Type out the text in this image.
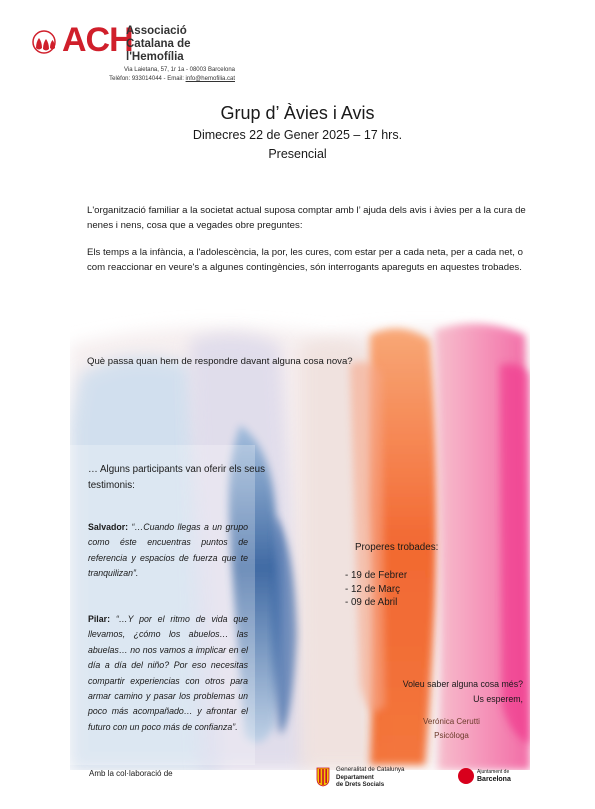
ACH
Associació
Catalana de
l'Hemofília
Via Laietana, 57, 1r 1a - 08003 Barcelona
Telèfon: 933014044 - Email: info@hemofilia.cat
Grup d’ Àvies i Avis
Dimecres 22 de Gener 2025 – 17 hrs.
Presencial
L'organització familiar a la societat actual suposa comptar amb l’ ajuda dels avis i àvies per a la cura de nenes i nens, cosa que a vegades obre preguntes:
Els temps a la infància, a l'adolescència, la por, les cures, com estar per a cada neta, per a cada net, o com reaccionar en veure's a algunes contingències, són interrogants apareguts en aquestes trobades.
Què passa quan hem de respondre davant alguna cosa nova?
… Alguns participants van oferir els seus testimonis:
Salvador: “…Cuando llegas a un grupo como éste encuentras puntos de referencia y espacios de fuerza que te tranquilizan”.
Pilar: “…Y por el ritmo de vida que llevamos, ¿cómo los abuelos… las abuelas… no nos vamos a implicar en el día a día del niño? Por eso necesitas compartir experiencias con otros para armar camino y pasar los problemas un poco más acompañado… y afrontar el futuro con un poco más de confianza”.
Properes trobades:
- 19 de Febrer
- 12 de Març
- 09 de Abril
Voleu saber alguna cosa més?
Us esperem,
Verónica Cerutti
Psicóloga
Amb la col·laboració de	Generalitat de Catalunya
Departament
de Drets Socials
Ajuntament de
Barcelona
